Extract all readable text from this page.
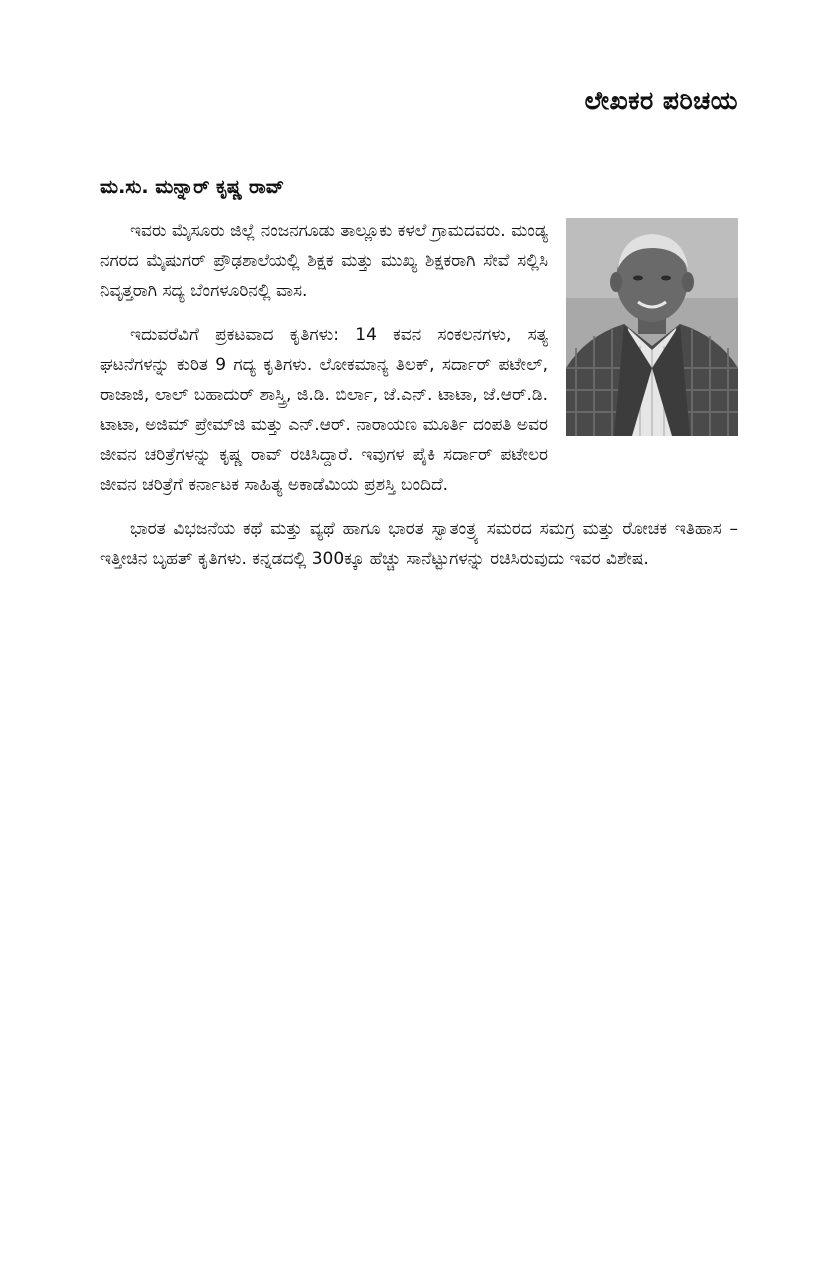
ಲೇಖಕರ ಪರಿಚಯ
ಮ.ಸು. ಮನ್ನಾರ್ ಕೃಷ್ಣ ರಾವ್

ಇವರು ಮೈಸೂರು ಜಿಲ್ಲೆ ನಂಜನಗೂಡು ತಾಲ್ಲೂಕು ಕಳಲೆ ಗ್ರಾಮದವರು. ಮಂಡ್ಯ ನಗರದ ಮೈಷುಗರ್ ಪ್ರೌಢಶಾಲೆಯಲ್ಲಿ ಶಿಕ್ಷಕ ಮತ್ತು ಮುಖ್ಯ ಶಿಕ್ಷಕರಾಗಿ ಸೇವೆ ಸಲ್ಲಿಸಿ ನಿವೃತ್ತರಾಗಿ ಸದ್ಯ ಬೆಂಗಳೂರಿನಲ್ಲಿ ವಾಸ.

ಇದುವರೆವಿಗೆ ಪ್ರಕಟವಾದ ಕೃತಿಗಳು: 14 ಕವನ ಸಂಕಲನಗಳು, ಸತ್ಯ ಘಟನೆಗಳನ್ನು ಕುರಿತ 9 ಗದ್ಯ ಕೃತಿಗಳು. ಲೋಕಮಾನ್ಯ ತಿಲಕ್, ಸರ್ದಾರ್ ಪಟೇಲ್, ರಾಜಾಜಿ, ಲಾಲ್ ಬಹಾದುರ್ ಶಾಸ್ತ್ರಿ, ಜಿ.ಡಿ. ಬಿರ್ಲಾ, ಜೆ.ಎನ್. ಟಾಟಾ, ಜೆ.ಆರ್.ಡಿ. ಟಾಟಾ, ಅಜಿಮ್ ಪ್ರೇಮ್‌ಜಿ ಮತ್ತು ಎನ್.ಆರ್. ನಾರಾಯಣ ಮೂರ್ತಿ ದಂಪತಿ ಅವರ ಜೀವನ ಚರಿತ್ರೆಗಳನ್ನು ಕೃಷ್ಣ ರಾವ್ ರಚಿಸಿದ್ದಾರೆ. ಇವುಗಳ ಪೈಕಿ ಸರ್ದಾರ್ ಪಟೇಲರ ಜೀವನ ಚರಿತ್ರೆಗೆ ಕರ್ನಾಟಕ ಸಾಹಿತ್ಯ ಅಕಾಡೆಮಿಯ ಪ್ರಶಸ್ತಿ ಬಂದಿದೆ.

ಭಾರತ ವಿಭಜನೆಯ ಕಥೆ ಮತ್ತು ವ್ಯಥೆ ಹಾಗೂ ಭಾರತ ಸ್ವಾತಂತ್ರ್ಯ ಸಮರದ ಸಮಗ್ರ ಮತ್ತು ರೋಚಕ ಇತಿಹಾಸ – ಇತ್ತೀಚಿನ ಬೃಹತ್ ಕೃತಿಗಳು. ಕನ್ನಡದಲ್ಲಿ 300ಕ್ಕೂ ಹೆಚ್ಚು ಸಾನೆಟ್ಟುಗಳನ್ನು ರಚಿಸಿರುವುದು ಇವರ ವಿಶೇಷ.
